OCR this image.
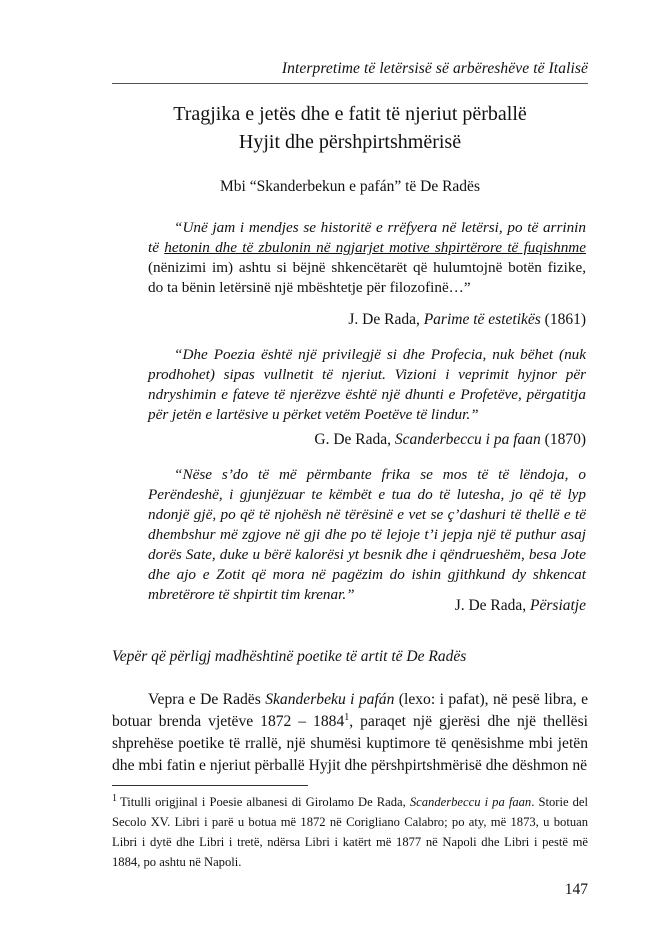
Interpretime të letërsisë së arbëreshëve të Italisë
Tragjika e jetës dhe e fatit të njeriut përballë
Hyjit dhe përshpirtshmërisë
Mbi “Skanderbekun e pafán” të De Radës
“Unë jam i mendjes se historitë e rrëfyera në letërsi, po të arrinin të hetonin dhe të zbulonin në ngjarjet motive shpirtërore të fuqishnme (nënizimi im) ashtu si bëjnë shkencëtarët që hulumtojnë botën fizike, do ta bënin letërsinë një mbështetje për filozofinë…”
J. De Rada, Parime të estetikës (1861)
“Dhe Poezia është një privilegjë si dhe Profecia, nuk bëhet (nuk prodhohet) sipas vullnetit të njeriut. Vizioni i veprimit hyjnor për ndryshimin e fateve të njerëzve është një dhunti e Profetëve, përgatitja për jetën e lartësive u përket vetëm Poetëve të lindur.”
G. De Rada, Scanderbeccu i pa faan (1870)
“Nëse s’do të më përmbante frika se mos të të lëndoja, o Perëndeshë, i gjunjëzuar te këmbët e tua do të lutesha, jo që të lyp ndonjë gjë, po që të njohësh në tërësinë e vet se ç’dashuri të thellë e të dhembshur më zgjove në gji dhe po të lejoje t’i jepja një të puthur asaj dorës Sate, duke u bërë kalorësi yt besnik dhe i qëndrueshëm, besa Jote dhe ajo e Zotit që mora në pagëzim do ishin gjithkund dy shkencat mbretërore të shpirtit tim krenar.”
J. De Rada, Përsiatje
Vepër që përligj madhështinë poetike të artit të De Radës
Vepra e De Radës Skanderbeku i pafán (lexo: i pafat), në pesë libra, e botuar brenda vjetëve 1872 – 1884$^1$, paraqet një gjerësi dhe një thellësi shprehëse poetike të rrallë, një shumësi kuptimore të qenësishme mbi jetën dhe mbi fatin e njeriut përballë Hyjit dhe përshpirtshmërisë dhe dëshmon në
$^1$ Titulli origjinal i Poesie albanesi di Girolamo De Rada, Scanderbeccu i pa faan. Storie del Secolo XV. Libri i parë u botua më 1872 në Corigliano Calabro; po aty, më 1873, u botuan Libri i dytë dhe Libri i tretë, ndërsa Libri i katërt më 1877 në Napoli dhe Libri i pestë më 1884, po ashtu në Napoli.
147
